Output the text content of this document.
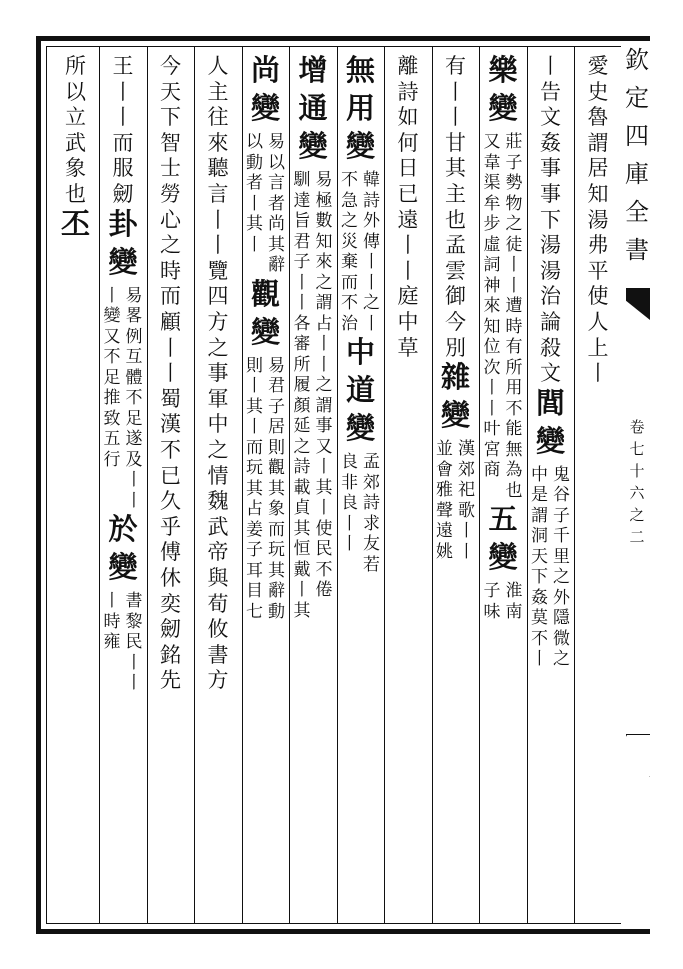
欽
定
四
庫
全
書
卷
七
十
六
之
二
愛
史
魯
謂
居
知
湯
弗
平
使
人
上
丨
丨
告
文
姦
事
事
下
湯
湯
治
論
殺
文
閭
變
鬼
中
谷
是
子
謂
千
洞
里
天
之
下
外
姦
隱
莫
微
不
之
丨
樂
變
莊
又
子
韋
勢
渠
物
牟
之
步
徒
虛
丨
詞
丨
神
遭
來
時
知
有
位
所
次
用
丨
不
丨
能
叶
無
宮
為
商
也
五
變
淮
子
南
味
有
丨
丨
甘
其
主
也
孟
雲
御
今
別
雜
變
漢
並
郊
會
祀
雅
歌
聲
丨
遠
丨
姚
離
詩
如
何
日
已
遠
丨
丨
庭
中
草
無
用
變
韓
不
詩
急
外
之
傳
災
丨
棄
丨
而
之
不
丨
治
中
道
變
孟
良
郊
非
詩
良
求
丨
友
丨
若
增
通
變
易
馴
極
達
數
旨
知
君
來
子
之
丨
謂
丨
占
各
丨
審
丨
所
之
履
謂
顏
事
延
又
之
丨
詩
其
載
丨
貞
使
其
民
恒
不
戴
倦
丨
其
尚
變
易
以
以
動
言
者
者
丨
尚
其
其
丨
辭
觀
變
易
則
君
丨
子
其
居
丨
則
而
觀
玩
其
其
象
占
而
姜
玩
子
其
耳
辭
目
動
七
人
主
往
來
聽
言
丨
丨
覽
四
方
之
事
軍
中
之
情
魏
武
帝
與
荀
攸
書
方
今
天
下
智
士
勞
心
之
時
而
顧
丨
丨
蜀
漢
不
已
久
乎
傅
休
奕
劒
銘
先
王
丨
丨
而
服
劒
卦
變
易
丨
畧
變
例
又
互
不
體
足
不
推
足
致
遂
五
及
行
丨
丨
於
變
書
丨
黎
時
民
雍
丨
丨
所
以
立
武
象
也
丕
